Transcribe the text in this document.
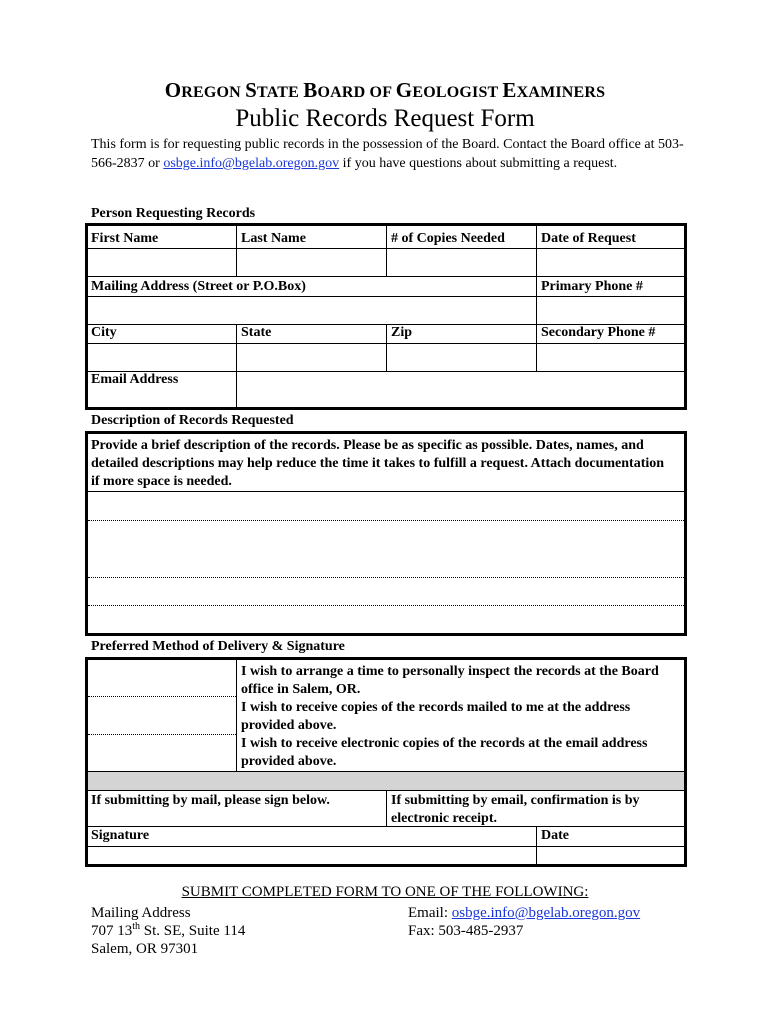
OREGON STATE BOARD OF GEOLOGIST EXAMINERS
Public Records Request Form
This form is for requesting public records in the possession of the Board. Contact the Board office at 503-566-2837 or osbge.info@bgelab.oregon.gov if you have questions about submitting a request.
Person Requesting Records
First Name	Last Name	# of Copies Needed	Date of Request
Mailing Address (Street or P.O.Box)	Primary Phone #
City	State	Zip	Secondary Phone #
Email Address
Description of Records Requested
Provide a brief description of the records. Please be as specific as possible. Dates, names, and detailed descriptions may help reduce the time it takes to fulfill a request. Attach documentation if more space is needed.
Preferred Method of Delivery & Signature
I wish to arrange a time to personally inspect the records at the Board office in Salem, OR.
I wish to receive copies of the records mailed to me at the address provided above.
I wish to receive electronic copies of the records at the email address provided above.
If submitting by mail, please sign below.	If submitting by email, confirmation is by electronic receipt.
Signature	Date
SUBMIT COMPLETED FORM TO ONE OF THE FOLLOWING:
Mailing Address
707 13th St. SE, Suite 114
Salem, OR 97301
Email: osbge.info@bgelab.oregon.gov
Fax: 503-485-2937
